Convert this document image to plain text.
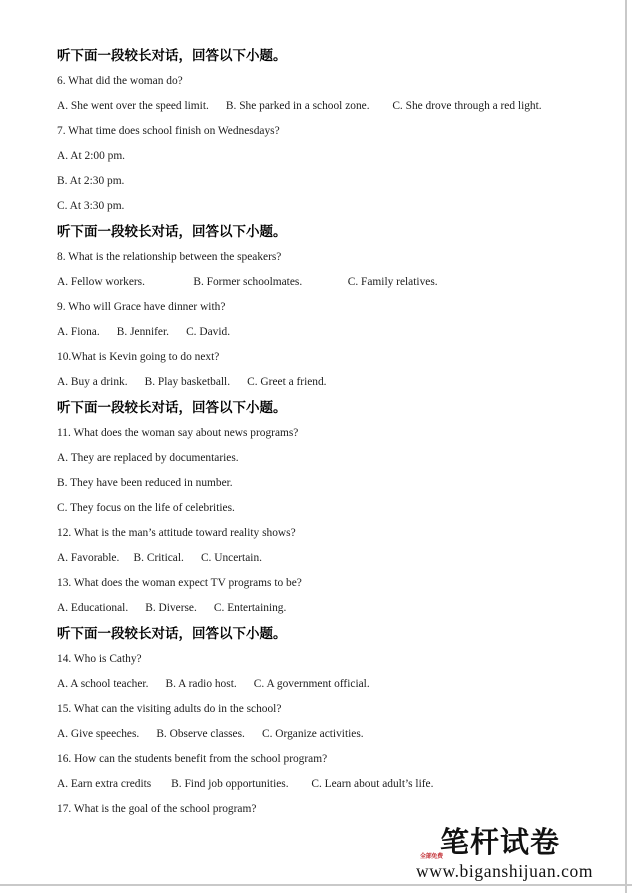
听下面一段较长对话，回答以下小题。
6. What did the woman do?
A. She went over the speed limit.      B. She parked in a school zone.        C. She drove through a red light.
7. What time does school finish on Wednesdays?
A. At 2:00 pm.
B. At 2:30 pm.
C. At 3:30 pm.
听下面一段较长对话，回答以下小题。
8. What is the relationship between the speakers?
A. Fellow workers.                 B. Former schoolmates.                C. Family relatives.
9. Who will Grace have dinner with?
A. Fiona.      B. Jennifer.      C. David.
10.What is Kevin going to do next?
A. Buy a drink.      B. Play basketball.      C. Greet a friend.
听下面一段较长对话，回答以下小题。
11. What does the woman say about news programs?
A. They are replaced by documentaries.
B. They have been reduced in number.
C. They focus on the life of celebrities.
12. What is the man’s attitude toward reality shows?
A. Favorable.     B. Critical.      C. Uncertain.
13. What does the woman expect TV programs to be?
A. Educational.      B. Diverse.      C. Entertaining.
听下面一段较长对话，回答以下小题。
14. Who is Cathy?
A. A school teacher.      B. A radio host.      C. A government official.
15. What can the visiting adults do in the school?
A. Give speeches.      B. Observe classes.      C. Organize activities.
16. How can the students benefit from the school program?
A. Earn extra credits       B. Find job opportunities.        C. Learn about adult’s life.
17. What is the goal of the school program?
笔杆试卷
全部免费
www.biganshijuan.com
